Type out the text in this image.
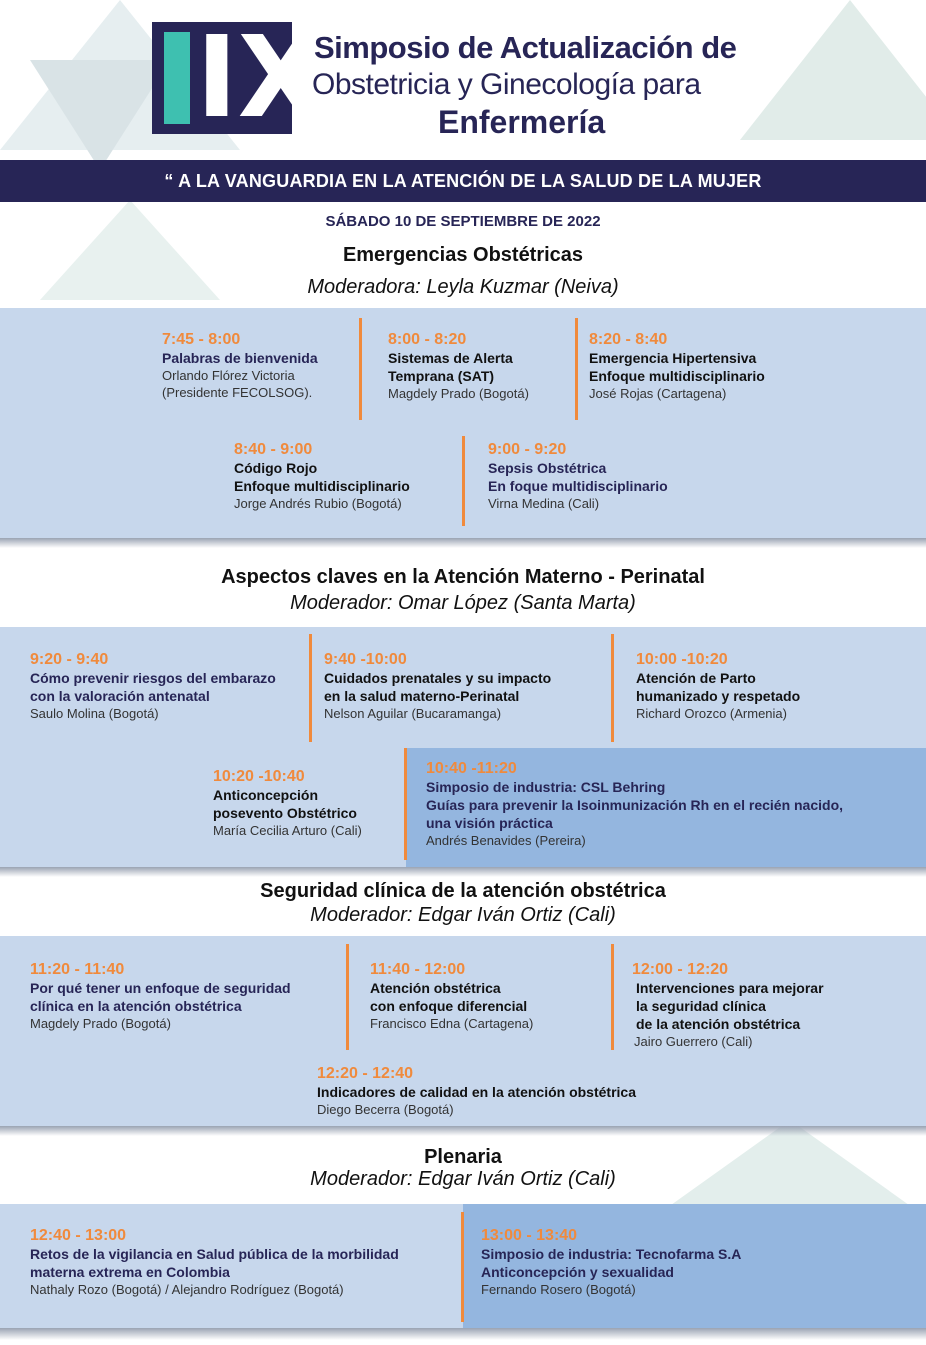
IX
Simposio de Actualización de
Obstetricia y Ginecología para
Enfermería
“ A LA VANGUARDIA EN LA ATENCIÓN DE LA SALUD DE LA MUJER
SÁBADO 10 DE SEPTIEMBRE DE 2022
Emergencias Obstétricas
Moderadora: Leyla Kuzmar (Neiva)
7:45 - 8:00
Palabras de bienvenida
Orlando Flórez Victoria
(Presidente FECOLSOG).
8:00 - 8:20
Sistemas de Alerta
Temprana (SAT)
Magdely Prado (Bogotá)
8:20 - 8:40
Emergencia Hipertensiva
Enfoque multidisciplinario
José Rojas (Cartagena)
8:40 - 9:00
Código Rojo
Enfoque multidisciplinario
Jorge Andrés Rubio (Bogotá)
9:00 - 9:20
Sepsis Obstétrica
En foque multidisciplinario
Virna Medina (Cali)
Aspectos claves en la Atención Materno - Perinatal
Moderador: Omar López (Santa Marta)
9:20 - 9:40
Cómo prevenir riesgos del embarazo
con la valoración antenatal
Saulo Molina (Bogotá)
9:40 -10:00
Cuidados prenatales y su impacto
en la salud materno-Perinatal
Nelson Aguilar (Bucaramanga)
10:00 -10:20
Atención de Parto
humanizado y respetado
Richard Orozco (Armenia)
10:20 -10:40
Anticoncepción
posevento Obstétrico
María Cecilia Arturo (Cali)
10:40 -11:20
Simposio de industria: CSL Behring
Guías para prevenir la Isoinmunización Rh en el recién nacido,
una visión práctica
Andrés Benavides (Pereira)
Seguridad clínica de la atención obstétrica
Moderador: Edgar Iván Ortiz (Cali)
11:20 - 11:40
Por qué tener un enfoque de seguridad
clínica en la atención obstétrica
Magdely Prado (Bogotá)
11:40 - 12:00
Atención obstétrica
con enfoque diferencial
Francisco Edna (Cartagena)
12:00 - 12:20
Intervenciones para mejorar
la seguridad clínica
de la atención obstétrica
Jairo Guerrero (Cali)
12:20 - 12:40
Indicadores de calidad en la atención obstétrica
Diego Becerra (Bogotá)
Plenaria
Moderador: Edgar Iván Ortiz (Cali)
12:40 - 13:00
Retos de la vigilancia en Salud pública de la morbilidad
materna extrema en Colombia
Nathaly Rozo (Bogotá) / Alejandro Rodríguez (Bogotá)
13:00 - 13:40
Simposio de industria: Tecnofarma S.A
Anticoncepción y sexualidad
Fernando Rosero (Bogotá)
